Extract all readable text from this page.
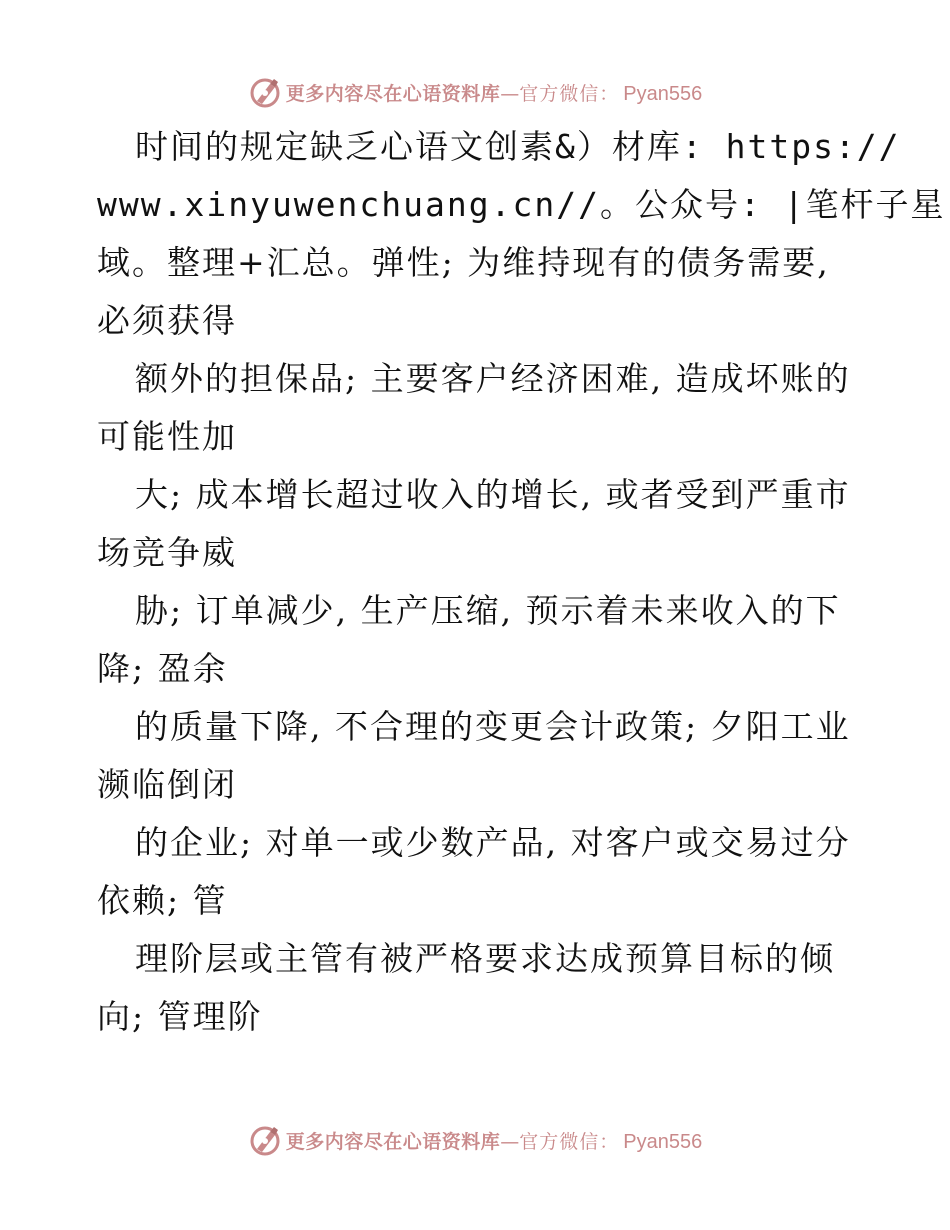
更多内容尽在心语资料库 — 官方微信： Pyan556
时间的规定缺乏心语文创素&）材库: https://
www.xinyuwenchuang.cn//。公众号: |笔杆子星
域。整理+汇总。弹性; 为维持现有的债务需要,
必须获得
额外的担保品; 主要客户经济困难, 造成坏账的
可能性加
大; 成本增长超过收入的增长, 或者受到严重市
场竞争威
胁; 订单减少, 生产压缩, 预示着未来收入的下
降; 盈余
的质量下降, 不合理的变更会计政策; 夕阳工业
濒临倒闭
的企业; 对单一或少数产品, 对客户或交易过分
依赖; 管
理阶层或主管有被严格要求达成预算目标的倾
向; 管理阶
更多内容尽在心语资料库 — 官方微信： Pyan556
